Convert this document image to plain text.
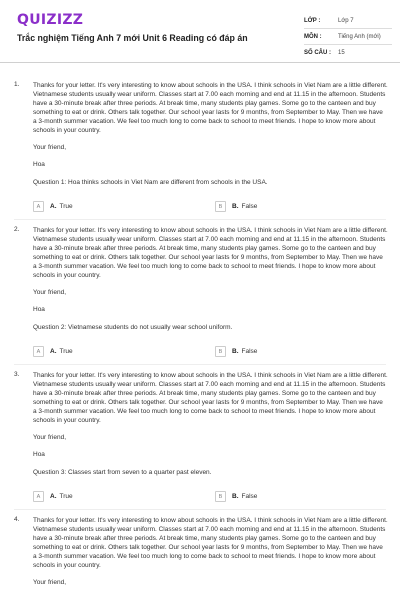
QUIZIZZ
Trắc nghiệm Tiếng Anh 7 mới Unit 6 Reading có đáp án
LỚP :	Lớp 7
MÔN :	Tiếng Anh (mới)
SỐ CÂU :	15
1. Thanks for your letter. It's very interesting to know about schools in the USA. I think schools in Viet Nam are a little different. Vietnamese students usually wear uniform. Classes start at 7.00 each morning and end at 11.15 in the afternoon. Students have a 30-minute break after three periods. At break time, many students play games. Some go to the canteen and buy something to eat or drink. Others talk together. Our school year lasts for 9 months, from September to May. Then we have a 3-month summer vacation. We feel too much long to come back to school to meet friends. I hope to know more about schools in your country.

Your friend,
Hoa
Question 1: Hoa thinks schools in Viet Nam are different from schools in the USA.
A	A. True	B	B. False
2. Thanks for your letter. It's very interesting to know about schools in the USA. I think schools in Viet Nam are a little different. Vietnamese students usually wear uniform. Classes start at 7.00 each morning and end at 11.15 in the afternoon. Students have a 30-minute break after three periods. At break time, many students play games. Some go to the canteen and buy something to eat or drink. Others talk together. Our school year lasts for 9 months, from September to May. Then we have a 3-month summer vacation. We feel too much long to come back to school to meet friends. I hope to know more about schools in your country.

Your friend,
Hoa
Question 2: Vietnamese students do not usually wear school uniform.
A	A. True	B	B. False
3. Thanks for your letter. It's very interesting to know about schools in the USA. I think schools in Viet Nam are a little different. Vietnamese students usually wear uniform. Classes start at 7.00 each morning and end at 11.15 in the afternoon. Students have a 30-minute break after three periods. At break time, many students play games. Some go to the canteen and buy something to eat or drink. Others talk together. Our school year lasts for 9 months, from September to May. Then we have a 3-month summer vacation. We feel too much long to come back to school to meet friends. I hope to know more about schools in your country.

Your friend,
Hoa
Question 3: Classes start from seven to a quarter past eleven.
A	A. True	B	B. False
4. Thanks for your letter. It's very interesting to know about schools in the USA. I think schools in Viet Nam are a little different. Vietnamese students usually wear uniform. Classes start at 7.00 each morning and end at 11.15 in the afternoon. Students have a 30-minute break after three periods. At break time, many students play games. Some go to the canteen and buy something to eat or drink. Others talk together. Our school year lasts for 9 months, from September to May. Then we have a 3-month summer vacation. We feel too much long to come back to school to meet friends. I hope to know more about schools in your country.

Your friend,
